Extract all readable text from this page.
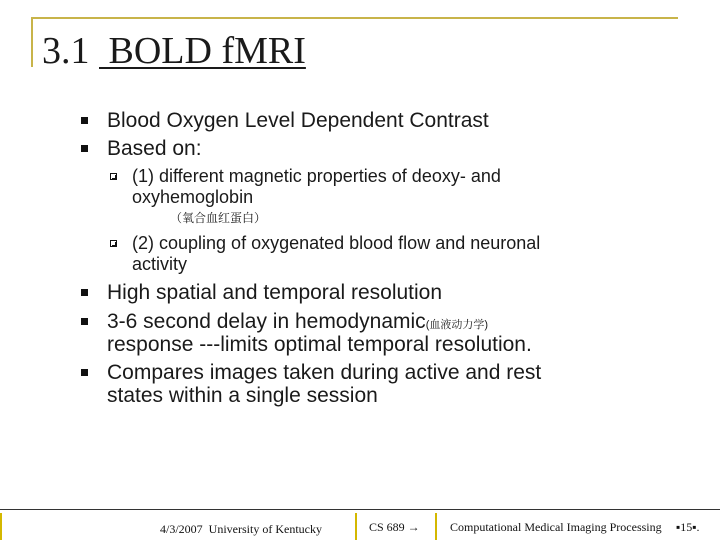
3.1  BOLD fMRI
Blood Oxygen Level Dependent Contrast
Based on:
(1) different magnetic properties of deoxy- and
oxyhemoglobin
（氧合血红蛋白）
(2) coupling of oxygenated blood flow and neuronal
activity
High spatial and temporal resolution
3-6 second delay in hemodynamic(血液动力学)
response ---limits optimal temporal resolution.
Compares images taken during active and rest
states within a single session
4/3/2007 University of Kentucky	CS 689 →	Computational Medical Imaging Processing ▪15▪.
